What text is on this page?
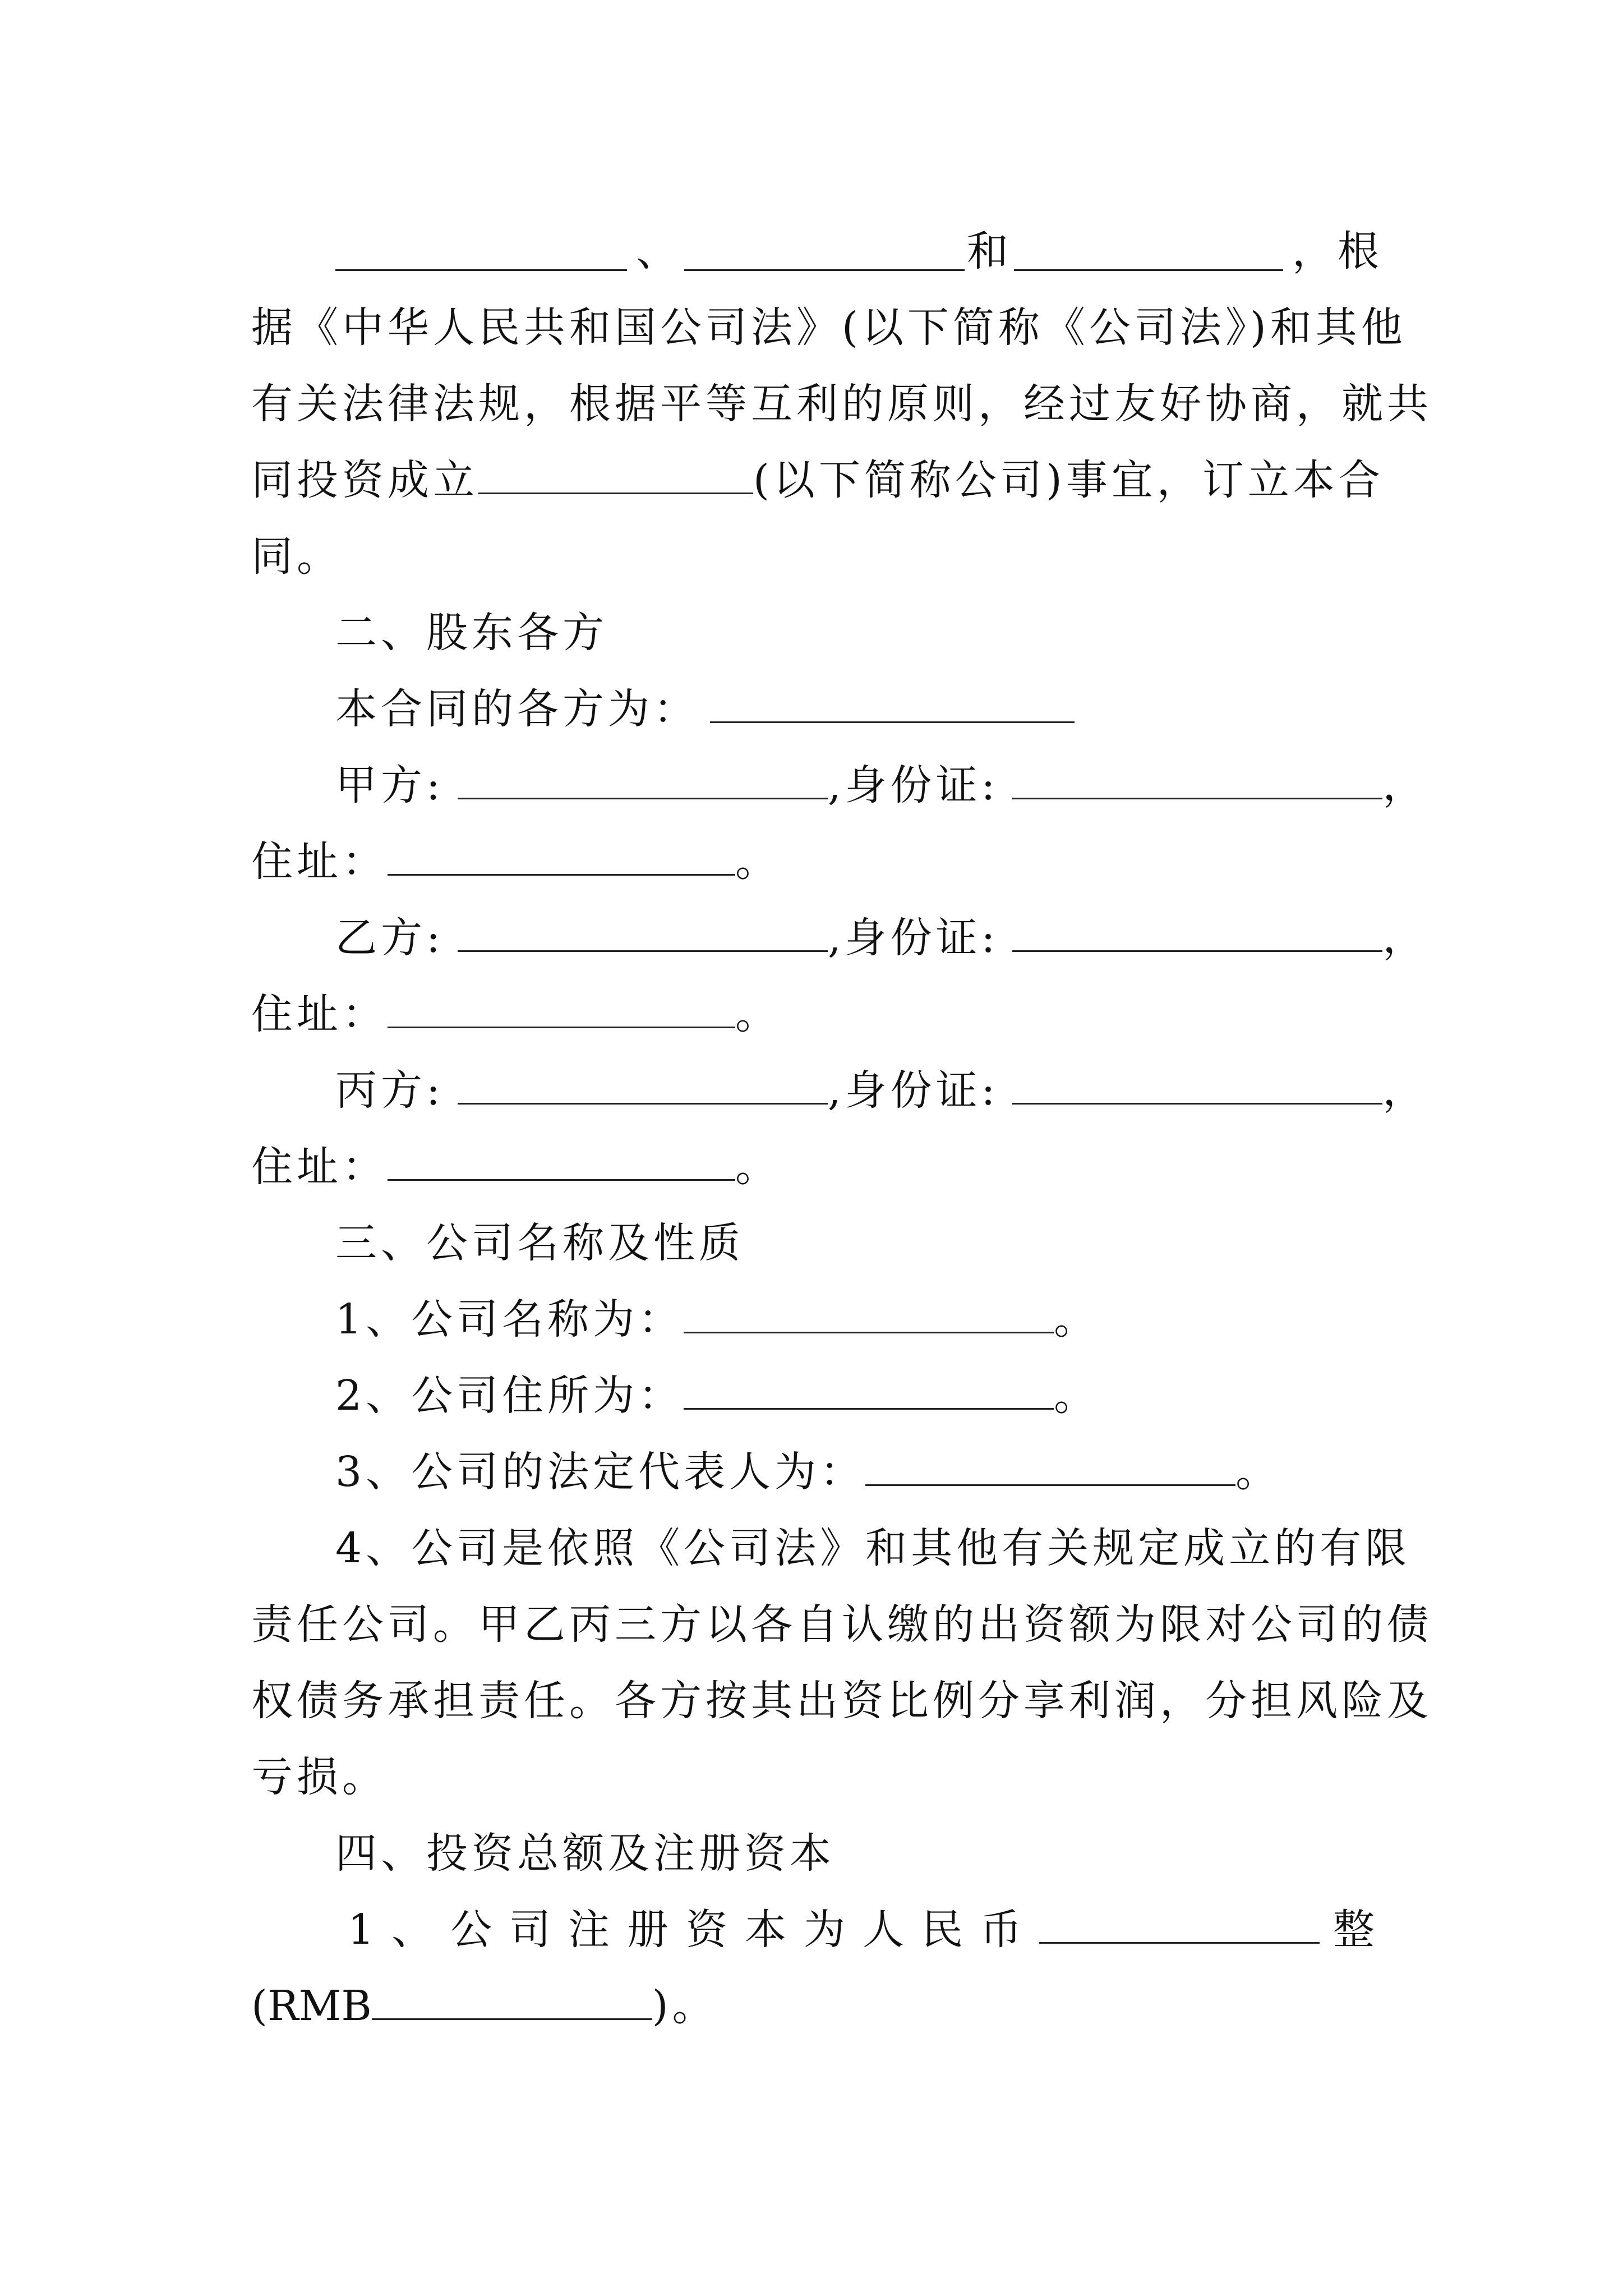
、	和	，根
据《中华人民共和国公司法》(以下简称《公司法》)和其他
有关法律法规，根据平等互利的原则，经过友好协商，就共
同投资成立	(以下简称公司)事宜，订立本合
同。
二、股东各方
本合同的各方为：
甲方:	,身份证:	，
住址：	。
乙方:	,身份证:	，
住址：	。
丙方:	,身份证:	，
住址：	。
三、公司名称及性质
1、公司名称为：	。
2、公司住所为：	。
3、公司的法定代表人为：	。
4、公司是依照《公司法》和其他有关规定成立的有限
责任公司。甲乙丙三方以各自认缴的出资额为限对公司的债
权债务承担责任。各方按其出资比例分享利润，分担风险及
亏损。
四、投资总额及注册资本
1 、 公 司 注 册 资 本 为 人 民 币	整
(RMB	)。
